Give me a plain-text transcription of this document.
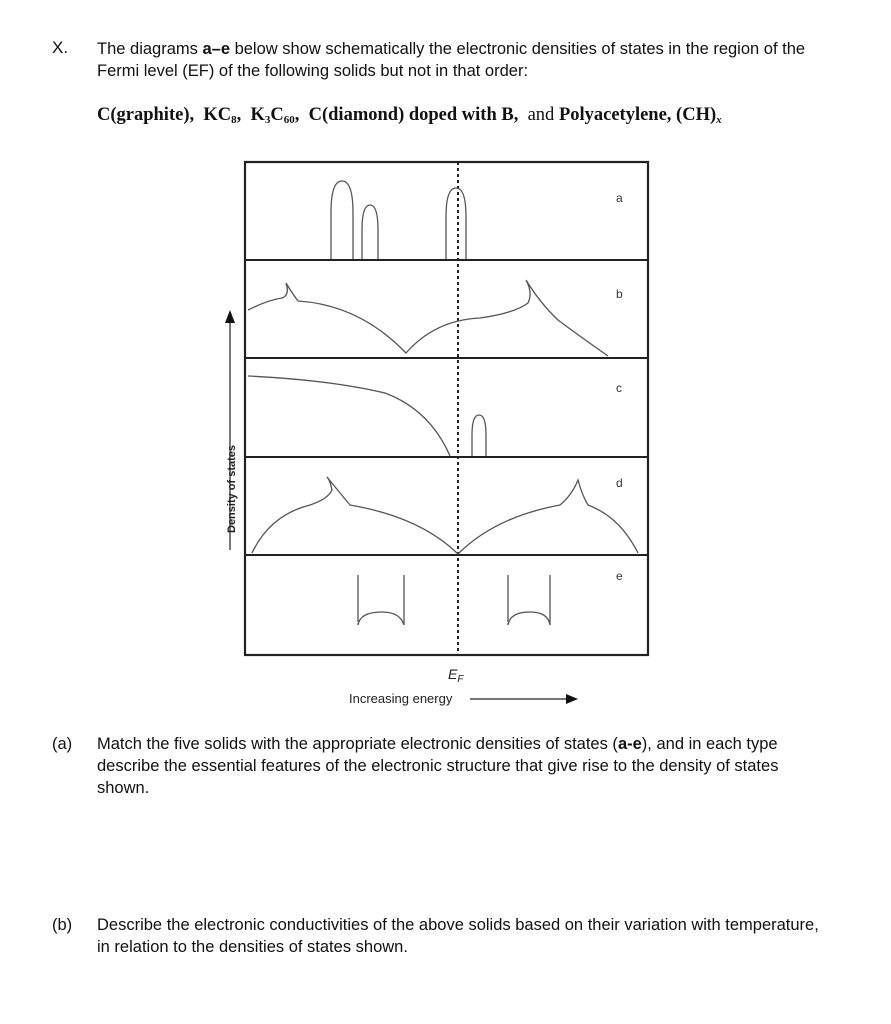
X. The diagrams a–e below show schematically the electronic densities of states in the region of the Fermi level (EF) of the following solids but not in that order:
C(graphite), $KC_8$, $K_3C_{60}$, C(diamond) doped with B, and Polyacetylene, $(CH)_x$
a
b
c
d
e
Density of states
$E_F$
Increasing energy
(a) Match the five solids with the appropriate electronic densities of states (a-e), and in each type describe the essential features of the electronic structure that give rise to the density of states shown.
(b) Describe the electronic conductivities of the above solids based on their variation with temperature, in relation to the densities of states shown.
